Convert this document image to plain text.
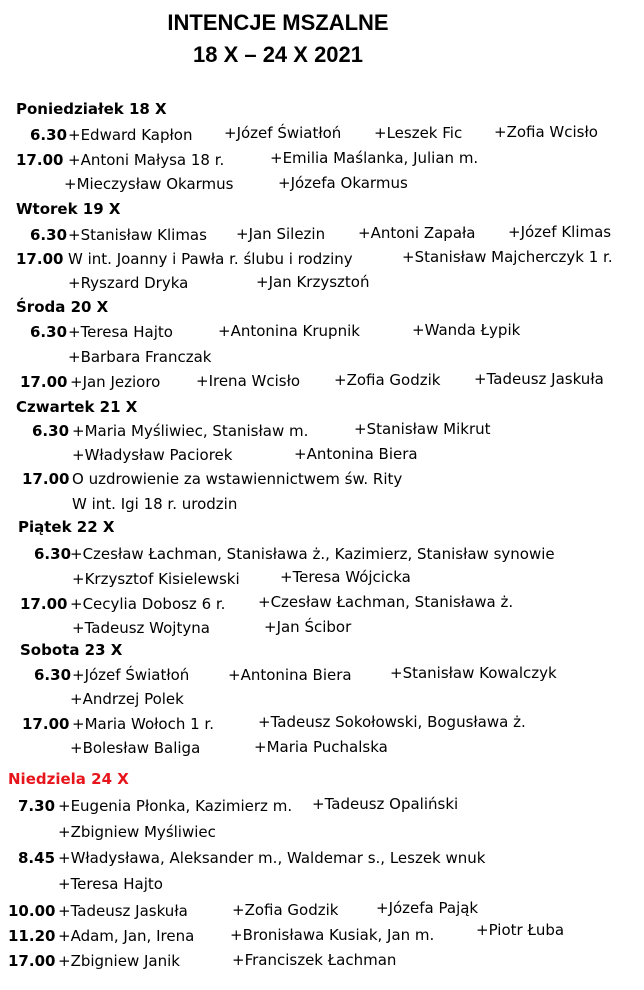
INTENCJE MSZALNE
18 X – 24 X 2021
Poniedziałek 18 X
6.30 +Edward Kapłon +Józef Światłoń +Leszek Fic +Zofia Wcisło
17.00 +Antoni Małysa 18 r.	+Emilia Maślanka, Julian m.
+Mieczysław Okarmus	+Józefa Okarmus
Wtorek 19 X
6.30 +Stanisław Klimas +Jan Silezin +Antoni Zapała +Józef Klimas
17.00 W int. Joanny i Pawła r. ślubu i rodziny	+Stanisław Majcherczyk 1 r.
+Ryszard Dryka	+Jan Krzysztoń
Środa 20 X
6.30 +Teresa Hajto	+Antonina Krupnik	+Wanda Łypik
+Barbara Franczak
17.00 +Jan Jezioro +Irena Wcisło +Zofia Godzik +Tadeusz Jaskuła
Czwartek 21 X
6.30 +Maria Myśliwiec, Stanisław m.	+Stanisław Mikrut
+Władysław Paciorek	+Antonina Biera
17.00 O uzdrowienie za wstawiennictwem św. Rity
W int. Igi 18 r. urodzin
Piątek 22 X
6.30
+Czesław Łachman, Stanisława ż., Kazimierz, Stanisław synowie
+Krzysztof Kisielewski	+Teresa Wójcicka
17.00 +Cecylia Dobosz 6 r. +Czesław Łachman, Stanisława ż.
+Tadeusz Wojtyna	+Jan Ścibor
Sobota 23 X
6.30 +Józef Światłoń	+Antonina Biera	+Stanisław Kowalczyk
+Andrzej Polek
17.00 +Maria Wołoch 1 r.	+Tadeusz Sokołowski, Bogusława ż.
+Bolesław Baliga	+Maria Puchalska
Niedziela 24 X
7.30 +Eugenia Płonka, Kazimierz m. +Tadeusz Opaliński
+Zbigniew Myśliwiec
8.45 +Władysława, Aleksander m., Waldemar s., Leszek wnuk
+Teresa Hajto
10.00 +Tadeusz Jaskuła	+Zofia Godzik	+Józefa Pająk
11.20 +Adam, Jan, Irena +Bronisława Kusiak, Jan m.	+Piotr Łuba
17.00 +Zbigniew Janik	+Franciszek Łachman
